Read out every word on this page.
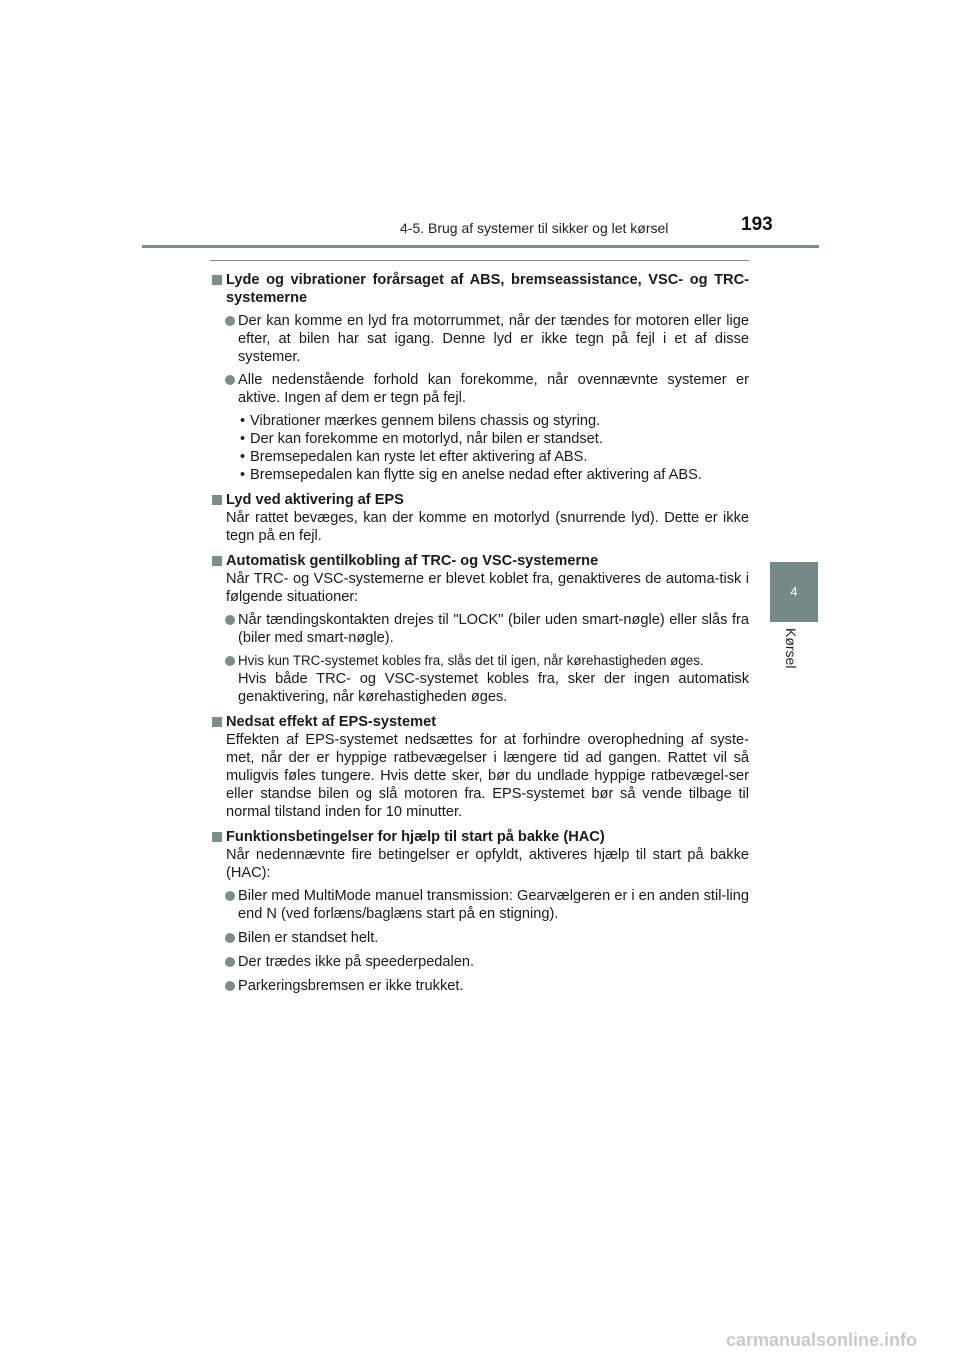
4-5. Brug af systemer til sikker og let kørsel	193
4
Kørsel
Lyde og vibrationer forårsaget af ABS, bremseassistance, VSC- og TRC-
systemerne
Der kan komme en lyd fra motorrummet, når der tændes for motoren eller lige efter, at bilen har sat igang. Denne lyd er ikke tegn på fejl i et af disse systemer.
Alle nedenstående forhold kan forekomme, når ovennævnte systemer er aktive. Ingen af dem er tegn på fejl.
• Vibrationer mærkes gennem bilens chassis og styring.
• Der kan forekomme en motorlyd, når bilen er standset.
• Bremsepedalen kan ryste let efter aktivering af ABS.
• Bremsepedalen kan flytte sig en anelse nedad efter aktivering af ABS.
Lyd ved aktivering af EPS
Når rattet bevæges, kan der komme en motorlyd (snurrende lyd). Dette er ikke tegn på en fejl.
Automatisk gentilkobling af TRC- og VSC-systemerne
Når TRC- og VSC-systemerne er blevet koblet fra, genaktiveres de automa-tisk i følgende situationer:
Når tændingskontakten drejes til "LOCK" (biler uden smart-nøgle) eller slås fra (biler med smart-nøgle).
Hvis kun TRC-systemet kobles fra, slås det til igen, når kørehastigheden øges.
Hvis både TRC- og VSC-systemet kobles fra, sker der ingen automatisk genaktivering, når kørehastigheden øges.
Nedsat effekt af EPS-systemet
Effekten af EPS-systemet nedsættes for at forhindre overophedning af syste-met, når der er hyppige ratbevægelser i længere tid ad gangen. Rattet vil så muligvis føles tungere. Hvis dette sker, bør du undlade hyppige ratbevægel-ser eller standse bilen og slå motoren fra. EPS-systemet bør så vende tilbage til normal tilstand inden for 10 minutter.
Funktionsbetingelser for hjælp til start på bakke (HAC)
Når nedennævnte fire betingelser er opfyldt, aktiveres hjælp til start på bakke (HAC):
Biler med MultiMode manuel transmission: Gearvælgeren er i en anden stil-ling end N (ved forlæns/baglæns start på en stigning).
Bilen er standset helt.
Der trædes ikke på speederpedalen.
Parkeringsbremsen er ikke trukket.
carmanualsonline.info
